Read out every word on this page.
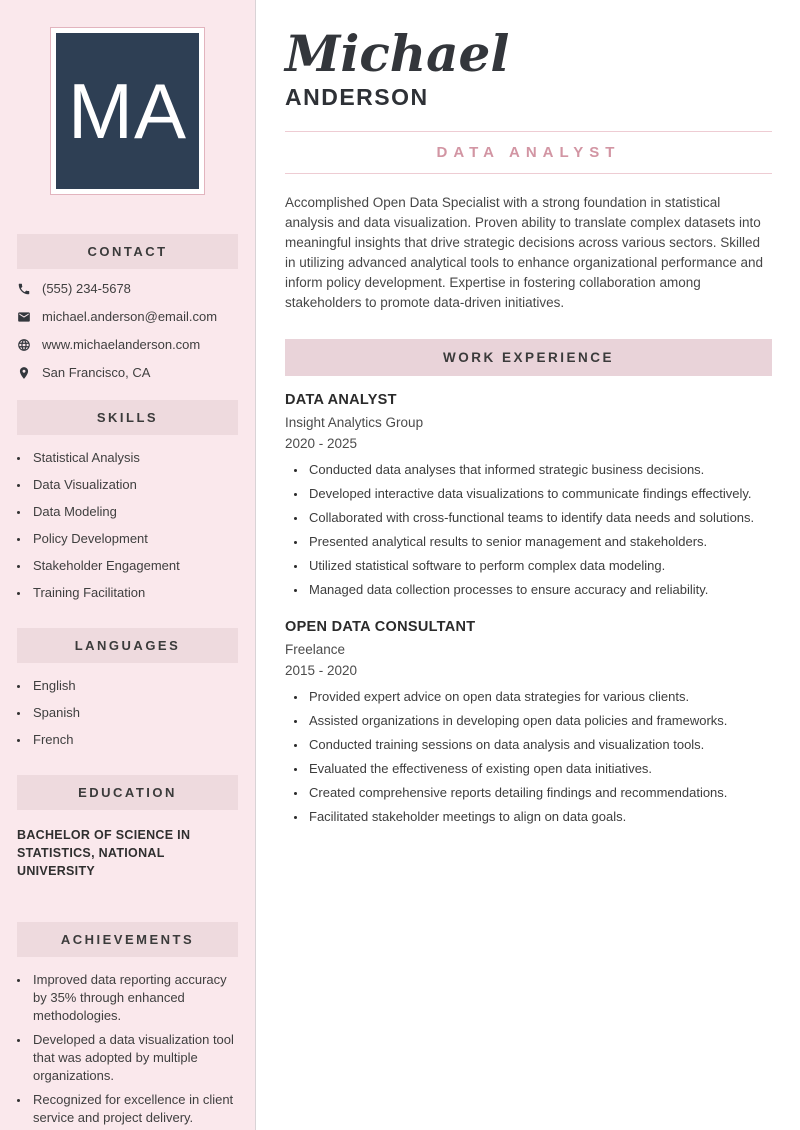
MA
CONTACT
(555) 234-5678
michael.anderson@email.com
www.michaelanderson.com
San Francisco, CA
SKILLS
• Statistical Analysis
• Data Visualization
• Data Modeling
• Policy Development
• Stakeholder Engagement
• Training Facilitation
LANGUAGES
• English
• Spanish
• French
EDUCATION

BACHELOR OF SCIENCE IN STATISTICS, NATIONAL UNIVERSITY

ACHIEVEMENTS
• Improved data reporting accuracy by 35% through enhanced methodologies.
• Developed a data visualization tool that was adopted by multiple organizations.
• Recognized for excellence in client service and project delivery.
Michael
ANDERSON
DATA ANALYST

Accomplished Open Data Specialist with a strong foundation in statistical analysis and data visualization. Proven ability to translate complex datasets into meaningful insights that drive strategic decisions across various sectors. Skilled in utilizing advanced analytical tools to enhance organizational performance and inform policy development. Expertise in fostering collaboration among stakeholders to promote data-driven initiatives.

WORK EXPERIENCE
DATA ANALYST
Insight Analytics Group
2020 - 2025
• Conducted data analyses that informed strategic business decisions.
• Developed interactive data visualizations to communicate findings effectively.
• Collaborated with cross-functional teams to identify data needs and solutions.
• Presented analytical results to senior management and stakeholders.
• Utilized statistical software to perform complex data modeling.
• Managed data collection processes to ensure accuracy and reliability.
OPEN DATA CONSULTANT
Freelance
2015 - 2020
• Provided expert advice on open data strategies for various clients.
• Assisted organizations in developing open data policies and frameworks.
• Conducted training sessions on data analysis and visualization tools.
• Evaluated the effectiveness of existing open data initiatives.
• Created comprehensive reports detailing findings and recommendations.
• Facilitated stakeholder meetings to align on data goals.
